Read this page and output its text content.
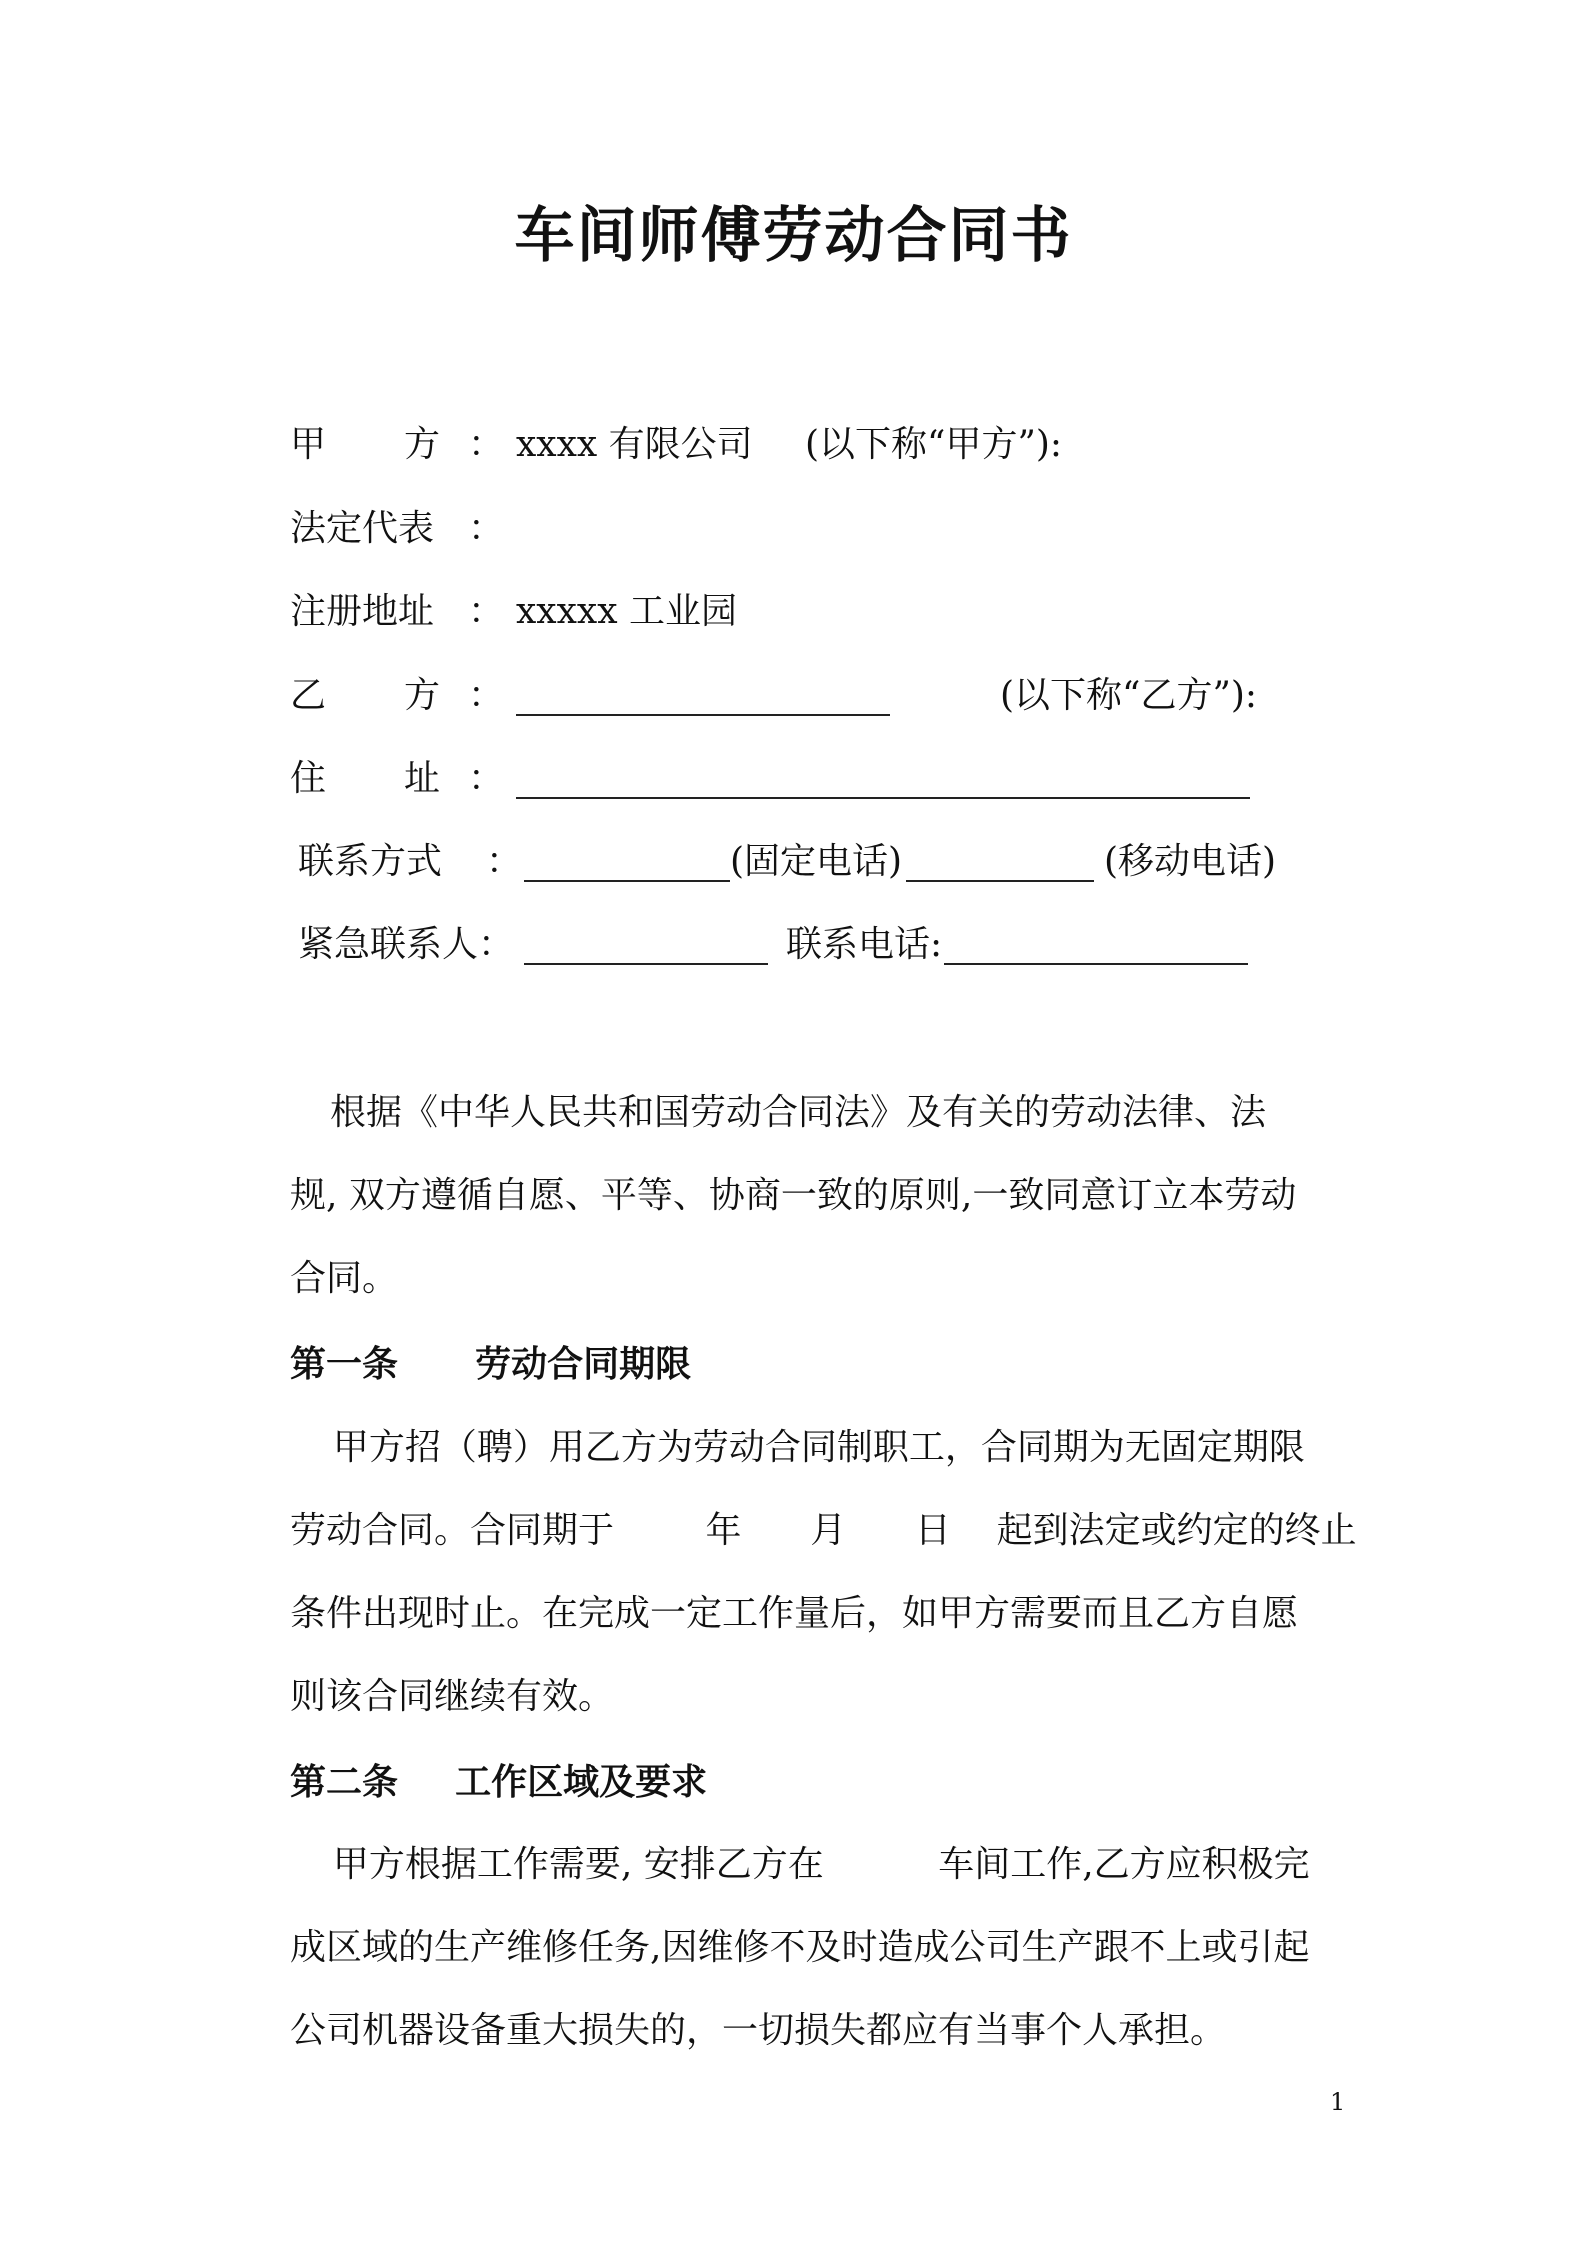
车间师傅劳动合同书
甲 方 ： xxxx 有限公司 (以下称“甲方”):
法定代表 ：
注册地址 ： xxxxx 工业园
乙 方 ：	(以下称“乙方”):
住 址 ：
联系方式 ：	(固定电话)	(移动电话)
紧急联系人：	联系电话:
根据《中华人民共和国劳动合同法》及有关的劳动法律、法
规, 双方遵循自愿、平等、协商一致的原则,一致同意订立本劳动
合同。
第一条 劳动合同期限
甲方招（聘）用乙方为劳动合同制职工，合同期为无固定期限
劳动合同。合同期于        年      月      日    起到法定或约定的终止
条件出现时止。在完成一定工作量后，如甲方需要而且乙方自愿
则该合同继续有效。
第二条 工作区域及要求
甲方根据工作需要, 安排乙方在          车间工作,乙方应积极完
成区域的生产维修任务,因维修不及时造成公司生产跟不上或引起
公司机器设备重大损失的，一切损失都应有当事个人承担。
1
